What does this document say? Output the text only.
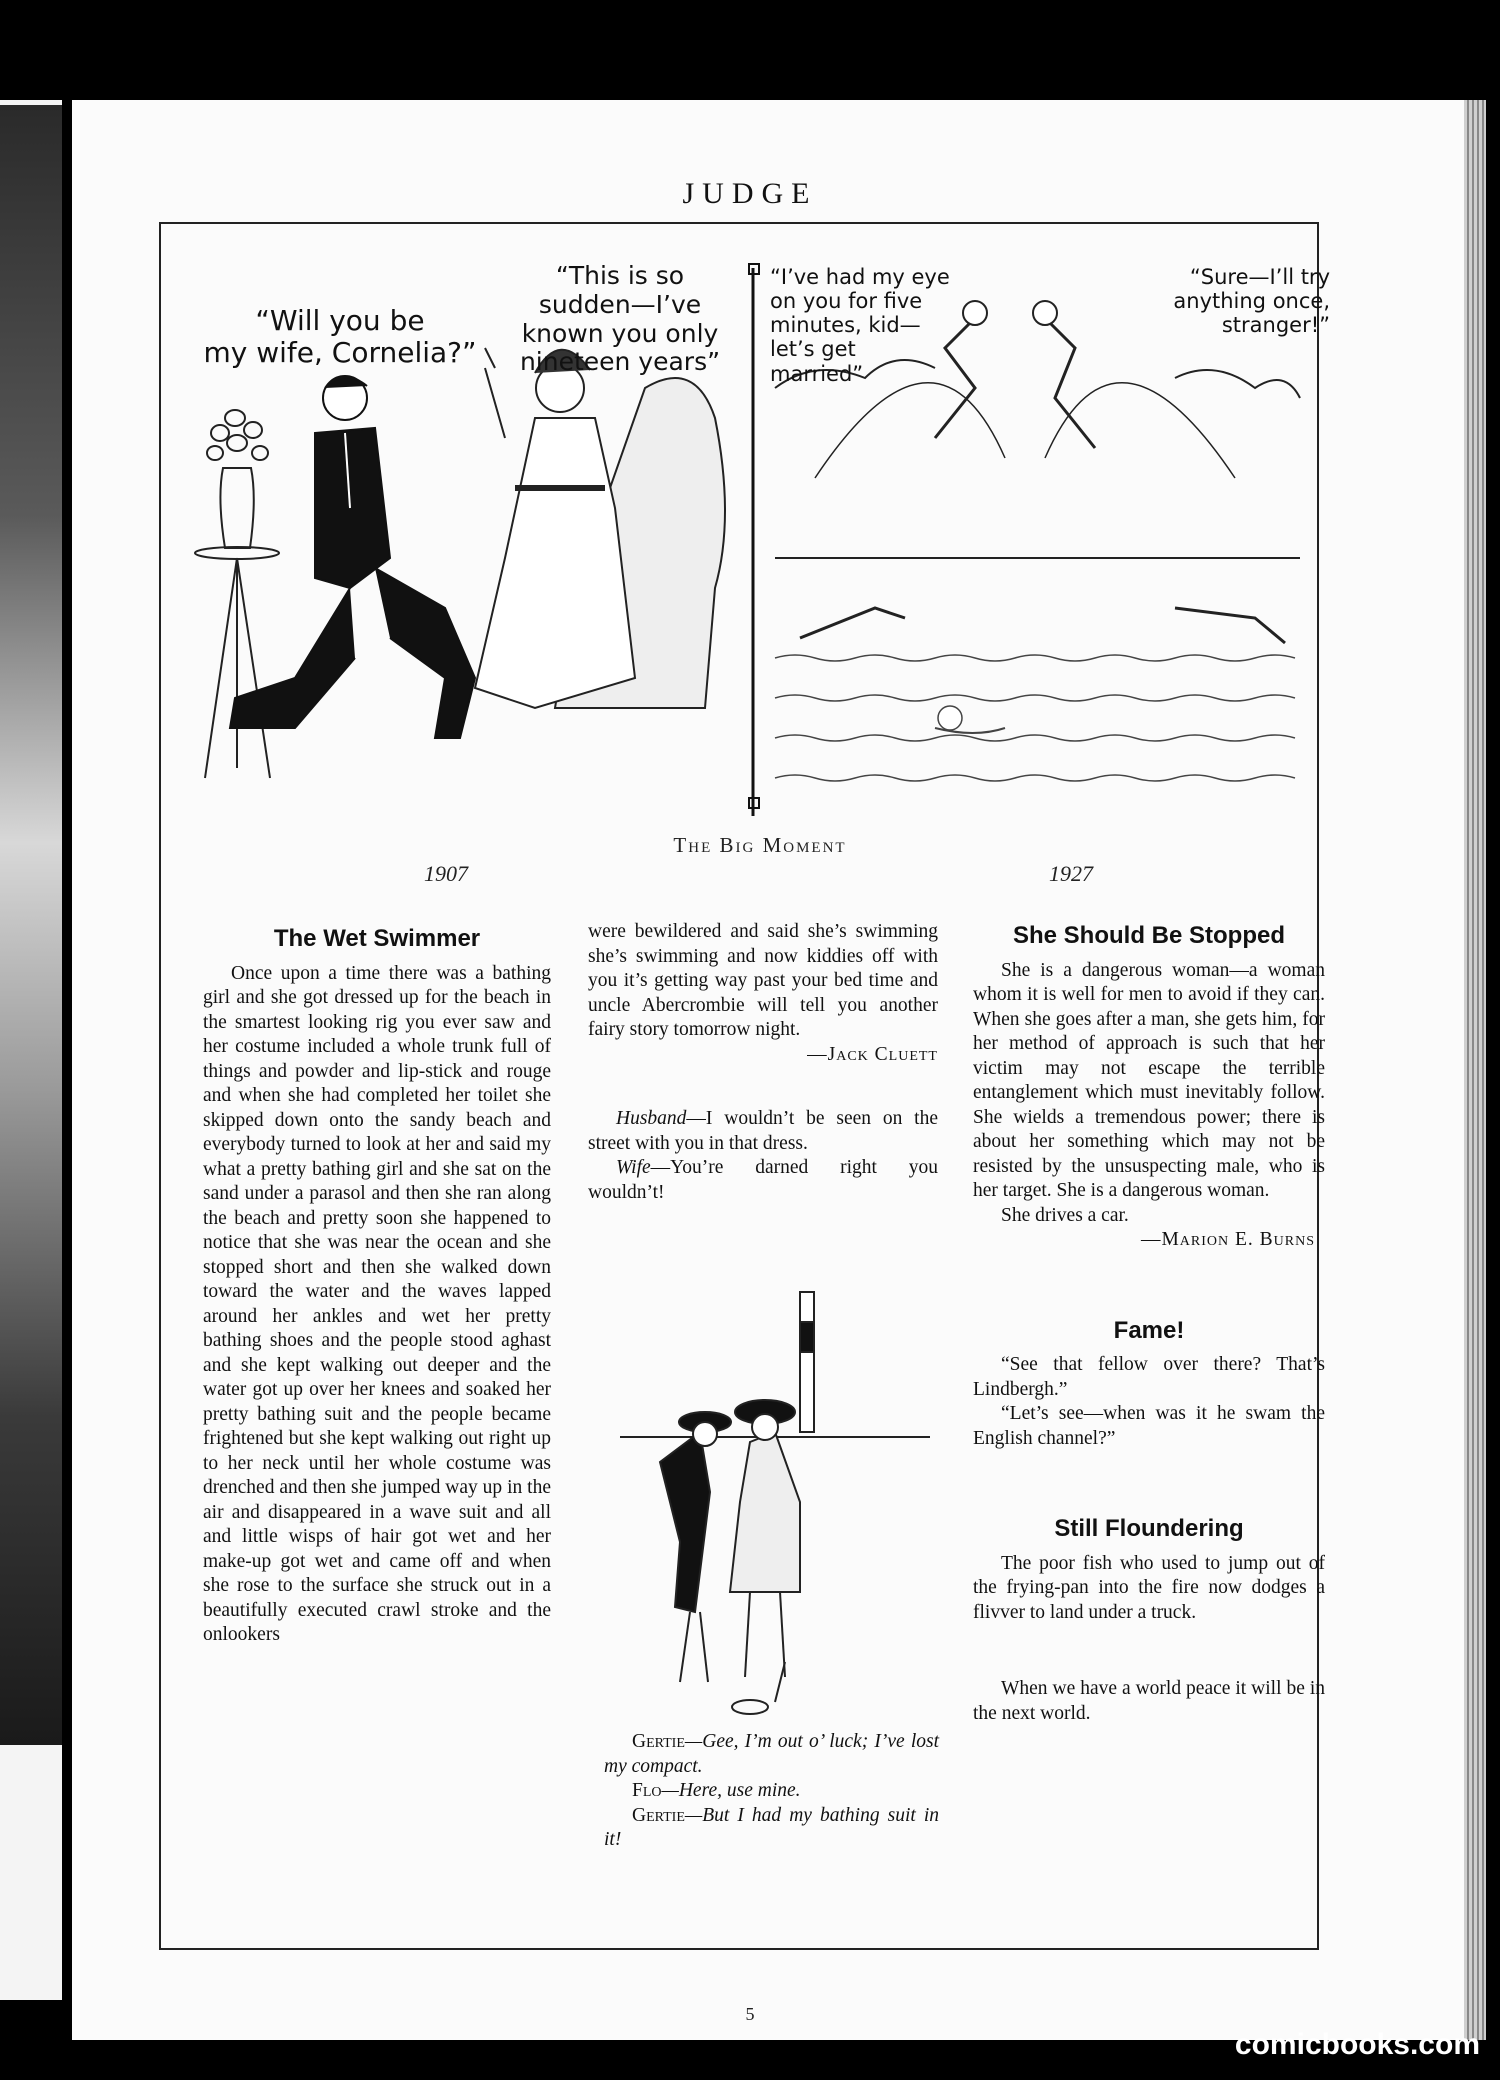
JUDGE
“Will you be
my wife, Cornelia?”
“This is so
sudden—I’ve
known you only
nineteen years”
“I’ve had my eye
on you for five
minutes, kid—
let’s get
married”
“Sure—I’ll try
anything once,
stranger!”
The Big Moment
1907	1927
The Wet Swimmer

Once upon a time there was a bathing girl and she got dressed up for the beach in the smartest looking rig you ever saw and her costume included a whole trunk full of things and powder and lip-stick and rouge and when she had completed her toilet she skipped down onto the sandy beach and everybody turned to look at her and said my what a pretty bathing girl and she sat on the sand under a parasol and then she ran along the beach and pretty soon she happened to notice that she was near the ocean and she stopped short and then she walked down toward the water and the waves lapped around her ankles and wet her pretty bathing shoes and the people stood aghast and she kept walking out deeper and the water got up over her knees and soaked her pretty bathing suit and the people became frightened but she kept walking out right up to her neck until her whole costume was drenched and then she jumped way up in the air and disappeared in a wave suit and all and little wisps of hair got wet and her make-up got wet and came off and when she rose to the surface she struck out in a beautifully executed crawl stroke and the onlookers

were bewildered and said she’s swimming she’s swimming and now kiddies off with you it’s getting way past your bed time and uncle Abercrombie will tell you another fairy story tomorrow night.

—Jack Cluett

Husband—I wouldn’t be seen on the street with you in that dress.

Wife—You’re darned right you wouldn’t!

Gertie—Gee, I’m out o’ luck; I’ve lost my compact.

Flo—Here, use mine.

Gertie—But I had my bathing suit in it!

She Should Be Stopped

She is a dangerous woman—a woman whom it is well for men to avoid if they can. When she goes after a man, she gets him, for her method of approach is such that her victim may not escape the terrible entanglement which must inevitably follow. She wields a tremendous power; there is about her something which may not be resisted by the unsuspecting male, who is her target. She is a dangerous woman.

She drives a car.

—Marion E. Burns

Fame!

“See that fellow over there? That’s Lindbergh.”

“Let’s see—when was it he swam the English channel?”

Still Floundering

The poor fish who used to jump out of the frying-pan into the fire now dodges a flivver to land under a truck.

When we have a world peace it will be in the next world.

5
comicbooks.com
